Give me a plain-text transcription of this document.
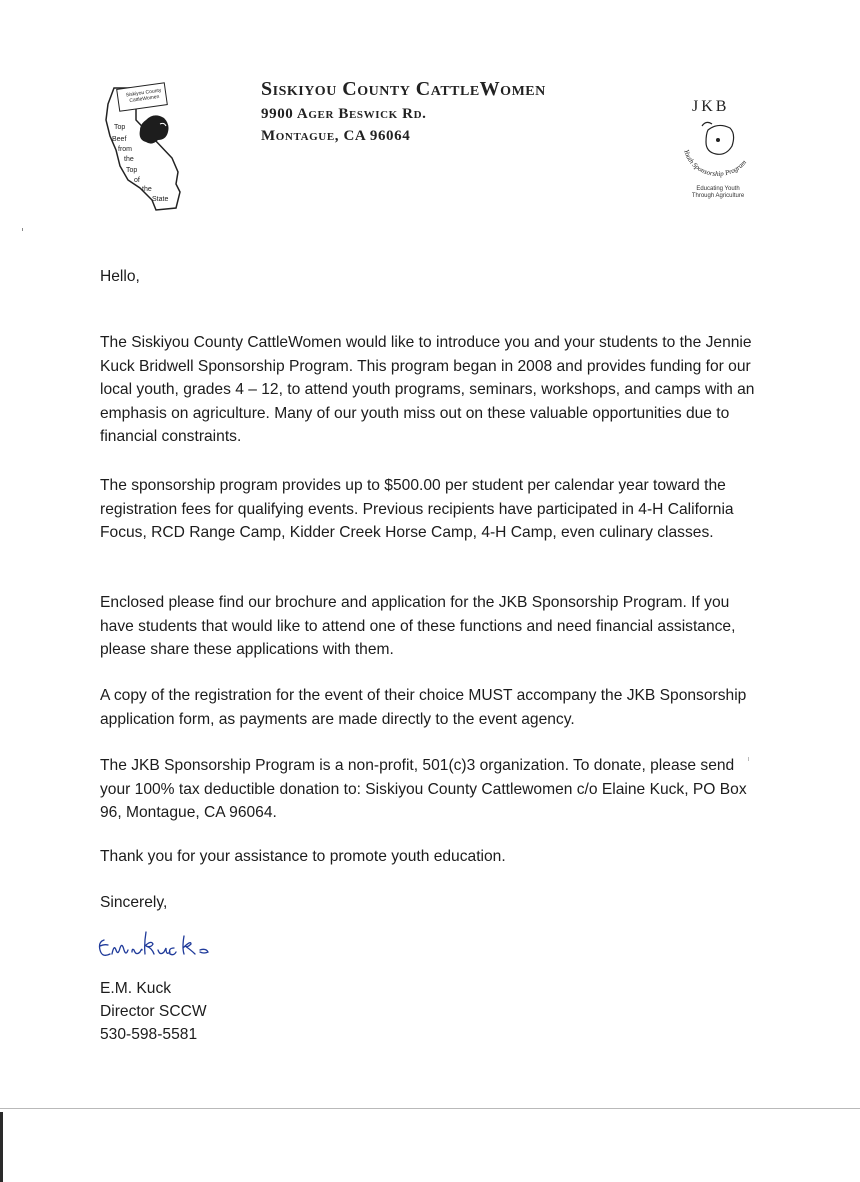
Siskiyou County CattleWomen
Top
Beef
from
the
Top
of
the
State
Siskiyou County CattleWomen
9900 Ager Beswick Rd.
Montague, CA 96064
JKB
Youth Sponsorship Program
Educating Youth
Through Agriculture
Hello,
The Siskiyou County CattleWomen would like to introduce you and your students to the Jennie Kuck Bridwell Sponsorship Program. This program began in 2008 and provides funding for our local youth, grades 4 – 12, to attend youth programs, seminars, workshops, and camps with an emphasis on agriculture. Many of our youth miss out on these valuable opportunities due to financial constraints.
The sponsorship program provides up to $500.00 per student per calendar year toward the registration fees for qualifying events. Previous recipients have participated in 4-H California Focus, RCD Range Camp, Kidder Creek Horse Camp, 4-H Camp, even culinary classes.
Enclosed please find our brochure and application for the JKB Sponsorship Program. If you have students that would like to attend one of these functions and need financial assistance, please share these applications with them.
A copy of the registration for the event of their choice MUST accompany the JKB Sponsorship application form, as payments are made directly to the event agency.
The JKB Sponsorship Program is a non-profit, 501(c)3 organization. To donate, please send your 100% tax deductible donation to: Siskiyou County Cattlewomen c/o Elaine Kuck, PO Box 96, Montague, CA 96064.
Thank you for your assistance to promote youth education.
Sincerely,
E.M. Kuck
Director SCCW
530-598-5581
